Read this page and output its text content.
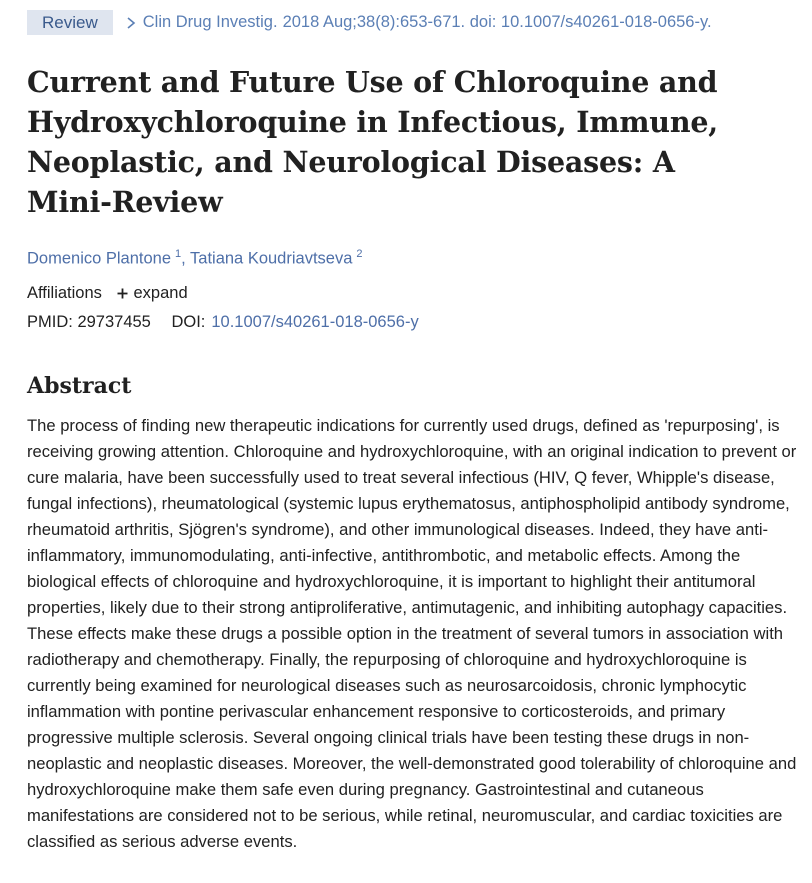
Review	Clin Drug Investig. 2018 Aug;38(8):653-671. doi: 10.1007/s40261-018-0656-y.
Current and Future Use of Chloroquine and Hydroxychloroquine in Infectious, Immune, Neoplastic, and Neurological Diseases: A Mini-Review
Domenico Plantone $^1$, Tatiana Koudriavtseva $^2$
Affiliations expand
PMID: 29737455 DOI: 10.1007/s40261-018-0656-y
Abstract

The process of finding new therapeutic indications for currently used drugs, defined as 'repurposing', is receiving growing attention. Chloroquine and hydroxychloroquine, with an original indication to prevent or cure malaria, have been successfully used to treat several infectious (HIV, Q fever, Whipple's disease, fungal infections), rheumatological (systemic lupus erythematosus, antiphospholipid antibody syndrome, rheumatoid arthritis, Sjögren's syndrome), and other immunological diseases. Indeed, they have anti-inflammatory, immunomodulating, anti-infective, antithrombotic, and metabolic effects. Among the biological effects of chloroquine and hydroxychloroquine, it is important to highlight their antitumoral properties, likely due to their strong antiproliferative, antimutagenic, and inhibiting autophagy capacities. These effects make these drugs a possible option in the treatment of several tumors in association with radiotherapy and chemotherapy. Finally, the repurposing of chloroquine and hydroxychloroquine is currently being examined for neurological diseases such as neurosarcoidosis, chronic lymphocytic inflammation with pontine perivascular enhancement responsive to corticosteroids, and primary progressive multiple sclerosis. Several ongoing clinical trials have been testing these drugs in non-neoplastic and neoplastic diseases. Moreover, the well-demonstrated good tolerability of chloroquine and hydroxychloroquine make them safe even during pregnancy. Gastrointestinal and cutaneous manifestations are considered not to be serious, while retinal, neuromuscular, and cardiac toxicities are classified as serious adverse events.
